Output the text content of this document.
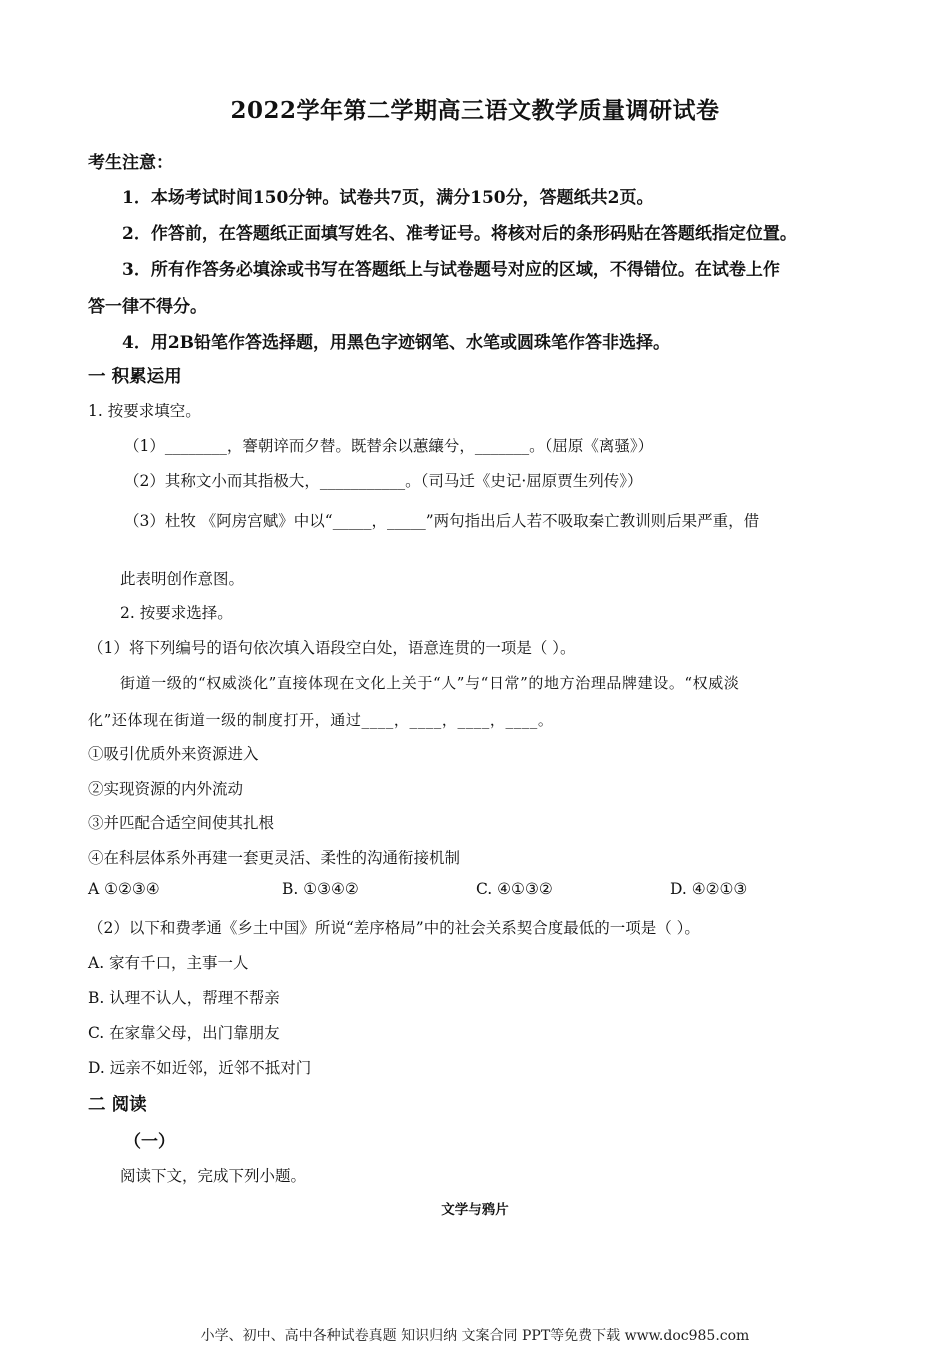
2022学年第二学期高三语文教学质量调研试卷
考生注意：
1．本场考试时间150分钟。试卷共7页，满分150分，答题纸共2页。
2．作答前，在答题纸正面填写姓名、准考证号。将核对后的条形码贴在答题纸指定位置。
3．所有作答务必填涂或书写在答题纸上与试卷题号对应的区域，不得错位。在试卷上作
答一律不得分。
4．用2B铅笔作答选择题，用黑色字迹钢笔、水笔或圆珠笔作答非选择。
一 积累运用
1. 按要求填空。
（1）________，謇朝谇而夕替。既替余以蕙纕兮，_______。（屈原《离骚》）
（2）其称文小而其指极大，___________。（司马迁《史记·屈原贾生列传》）
（3）杜牧 《阿房宫赋》中以“_____，_____”两句指出后人若不吸取秦亡教训则后果严重，借
此表明创作意图。
2. 按要求选择。
（1）将下列编号的语句依次填入语段空白处，语意连贯的一项是（ ）。
街道一级的“权威淡化”直接体现在文化上关于“人”与“日常”的地方治理品牌建设。“权威淡
化”还体现在街道一级的制度打开，通过____，____，____，____。
①吸引优质外来资源进入
②实现资源的内外流动
③并匹配合适空间使其扎根
④在科层体系外再建一套更灵活、柔性的沟通衔接机制
A ①②③④	B. ①③④②	C. ④①③②	D. ④②①③
（2）以下和费孝通《乡土中国》所说“差序格局”中的社会关系契合度最低的一项是（ ）。
A. 家有千口，主事一人
B. 认理不认人，帮理不帮亲
C. 在家靠父母，出门靠朋友
D. 远亲不如近邻，近邻不抵对门
二 阅读
（一）
阅读下文，完成下列小题。
文学与鸦片
小学、初中、高中各种试卷真题 知识归纳 文案合同 PPT等免费下载 www.doc985.com
